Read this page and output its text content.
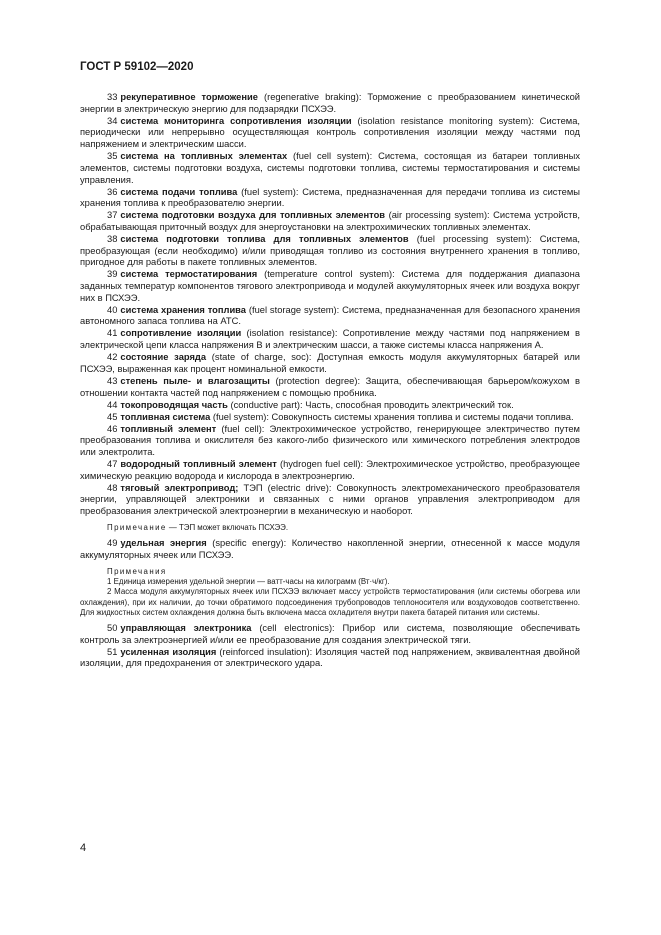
ГОСТ Р 59102—2020

33 рекуперативное торможение (regenerative braking): Торможение с преобразованием кинетической энергии в электрическую энергию для подзарядки ПСХЭЭ.

34 система мониторинга сопротивления изоляции (isolation resistance monitoring system): Система, периодически или непрерывно осуществляющая контроль сопротивления изоляции между частями под напряжением и электрическим шасси.

35 система на топливных элементах (fuel cell system): Система, состоящая из батареи топливных элементов, системы подготовки воздуха, системы подготовки топлива, системы термостатирования и системы управления.

36 система подачи топлива (fuel system): Система, предназначенная для передачи топлива из системы хранения топлива к преобразователю энергии.

37 система подготовки воздуха для топливных элементов (air processing system): Система устройств, обрабатывающая приточный воздух для энергоустановки на электрохимических топливных элементах.

38 система подготовки топлива для топливных элементов (fuel processing system): Система, преобразующая (если необходимо) и/или приводящая топливо из состояния внутреннего хранения в топливо, пригодное для работы в пакете топливных элементов.

39 система термостатирования (temperature control system): Система для поддержания диапазона заданных температур компонентов тягового электропривода и модулей аккумуляторных ячеек или воздуха вокруг них в ПСХЭЭ.

40 система хранения топлива (fuel storage system): Система, предназначенная для безопасного хранения автономного запаса топлива на АТС.

41 сопротивление изоляции (isolation resistance): Сопротивление между частями под напряжением в электрической цепи класса напряжения В и электрическим шасси, а также системы класса напряжения А.

42 состояние заряда (state of charge, soc): Доступная емкость модуля аккумуляторных батарей или ПСХЭЭ, выраженная как процент номинальной емкости.

43 степень пыле- и влагозащиты (protection degree): Защита, обеспечивающая барьером/кожухом в отношении контакта частей под напряжением с помощью пробника.

44 токопроводящая часть (conductive part): Часть, способная проводить электрический ток.

45 топливная система (fuel system): Совокупность системы хранения топлива и системы подачи топлива.

46 топливный элемент (fuel cell): Электрохимическое устройство, генерирующее электричество путем преобразования топлива и окислителя без какого-либо физического или химического потребления электродов или электролита.

47 водородный топливный элемент (hydrogen fuel cell): Электрохимическое устройство, преобразующее химическую реакцию водорода и кислорода в электроэнергию.

48 тяговый электропривод; ТЭП (electric drive): Совокупность электромеханического преобразователя энергии, управляющей электроники и связанных с ними органов управления электроприводом для преобразования электрической электроэнергии в механическую и наоборот.

Примечание — ТЭП может включать ПСХЭЭ.

49 удельная энергия (specific energy): Количество накопленной энергии, отнесенной к массе модуля аккумуляторных ячеек или ПСХЭЭ.

Примечания

1 Единица измерения удельной энергии — ватт-часы на килограмм (Вт·ч/кг).

2 Масса модуля аккумуляторных ячеек или ПСХЭЭ включает массу устройств термостатирования (или системы обогрева или охлаждения), при их наличии, до точки обратимого подсоединения трубопроводов теплоносителя или воздуховодов соответственно. Для жидкостных систем охлаждения должна быть включена масса охладителя внутри пакета батарей питания или системы.

50 управляющая электроника (cell electronics): Прибор или система, позволяющие обеспечивать контроль за электроэнергией и/или ее преобразование для создания электрической тяги.

51 усиленная изоляция (reinforced insulation): Изоляция частей под напряжением, эквивалентная двойной изоляции, для предохранения от электрического удара.

4
